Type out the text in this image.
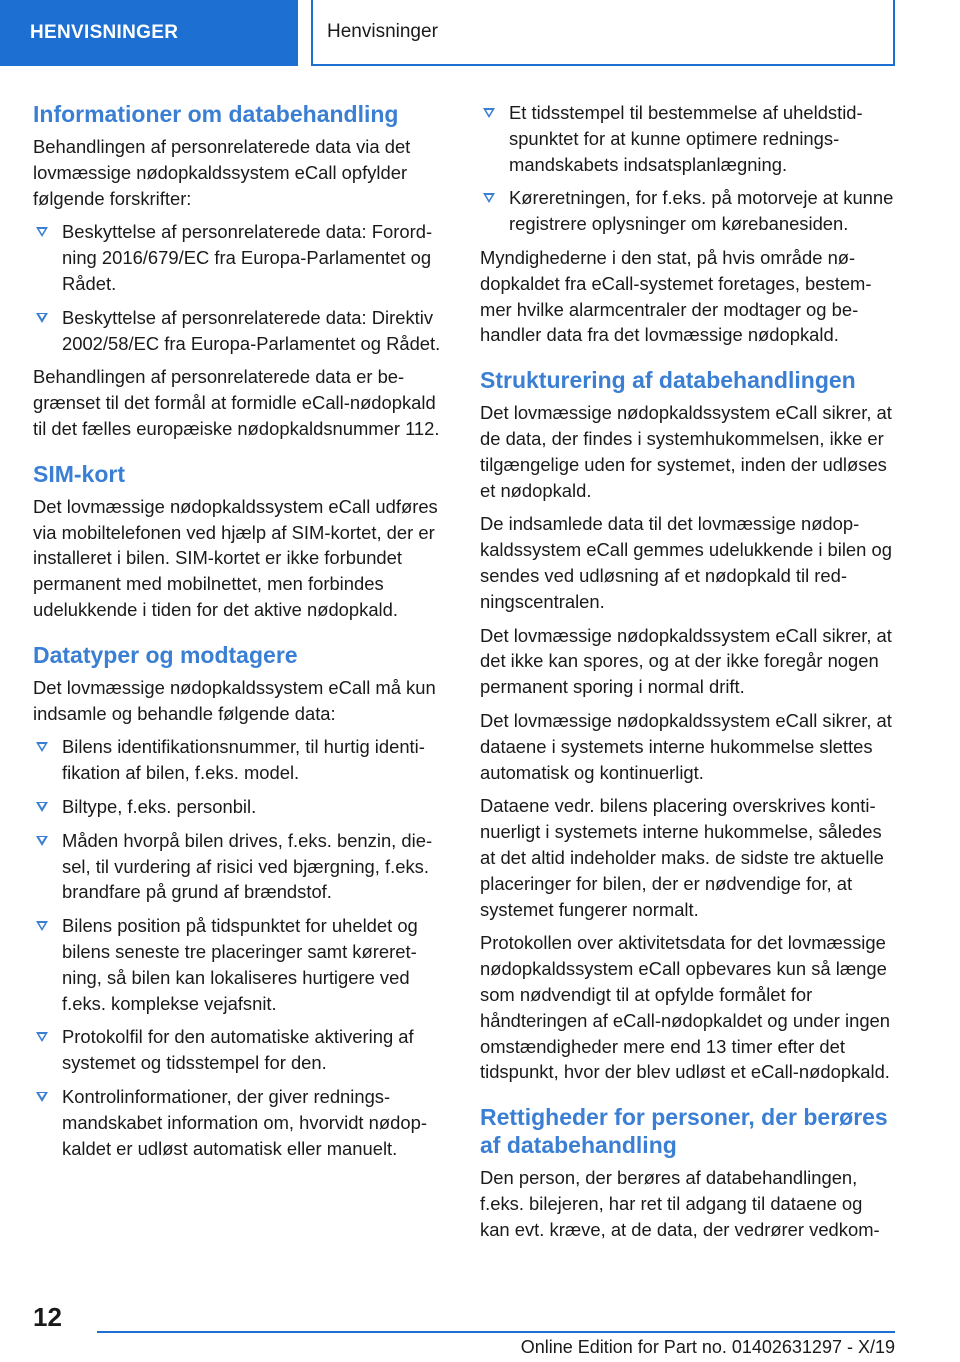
HENVISNINGER	Henvisninger
Informationer om databehandling

Behandlingen af personrelaterede data via det lovmæssige nødopkaldssystem eCall opfylder følgende forskrifter:

Beskyttelse af personrelaterede data: Forordning 2016/679/EC fra Europa-Parlamentet og Rådet.
Beskyttelse af personrelaterede data: Direktiv 2002/58/EC fra Europa-Parlamentet og Rådet.

Behandlingen af personrelaterede data er begrænset til det formål at formidle eCall-nødopkald til det fælles europæiske nødopkaldsnummer 112.

SIM-kort

Det lovmæssige nødopkaldssystem eCall udføres via mobiltelefonen ved hjælp af SIM-kortet, der er installeret i bilen. SIM-kortet er ikke forbundet permanent med mobilnettet, men forbindes udelukkende i tiden for det aktive nødopkald.

Datatyper og modtagere

Det lovmæssige nødopkaldssystem eCall må kun indsamle og behandle følgende data:

Bilens identifikationsnummer, til hurtig identifikation af bilen, f.eks. model.
Biltype, f.eks. personbil.
Måden hvorpå bilen drives, f.eks. benzin, diesel, til vurdering af risici ved bjærgning, f.eks. brandfare på grund af brændstof.
Bilens position på tidspunktet for uheldet og bilens seneste tre placeringer samt køreretning, så bilen kan lokaliseres hurtigere ved f.eks. komplekse vejafsnit.
Protokolfil for den automatiske aktivering af systemet og tidsstempel for den.
Kontrolinformationer, der giver redningsmandskabet information om, hvorvidt nødopkaldet er udløst automatisk eller manuelt.
Et tidsstempel til bestemmelse af uheldstidspunktet for at kunne optimere redningsmandskabets indsatsplanlægning.
Køreretningen, for f.eks. på motorveje at kunne registrere oplysninger om kørebanesiden.

Myndighederne i den stat, på hvis område nødopkaldet fra eCall-systemet foretages, bestemmer hvilke alarmcentraler der modtager og behandler data fra det lovmæssige nødopkald.

Strukturering af databehandlingen

Det lovmæssige nødopkaldssystem eCall sikrer, at de data, der findes i systemhukommelsen, ikke er tilgængelige uden for systemet, inden der udløses et nødopkald.

De indsamlede data til det lovmæssige nødopkaldssystem eCall gemmes udelukkende i bilen og sendes ved udløsning af et nødopkald til redningscentralen.

Det lovmæssige nødopkaldssystem eCall sikrer, at det ikke kan spores, og at der ikke foregår nogen permanent sporing i normal drift.

Det lovmæssige nødopkaldssystem eCall sikrer, at dataene i systemets interne hukommelse slettes automatisk og kontinuerligt.

Dataene vedr. bilens placering overskrives kontinuerligt i systemets interne hukommelse, således at det altid indeholder maks. de sidste tre aktuelle placeringer for bilen, der er nødvendige for, at systemet fungerer normalt.

Protokollen over aktivitetsdata for det lovmæssige nødopkaldssystem eCall opbevares kun så længe som nødvendigt til at opfylde formålet for håndteringen af eCall-nødopkaldet og under ingen omstændigheder mere end 13 timer efter det tidspunkt, hvor der blev udløst et eCall-nødopkald.

Rettigheder for personer, der berøres af databehandling

Den person, der berøres af databehandlingen, f.eks. bilejeren, har ret til adgang til dataene og kan evt. kræve, at de data, der vedrører vedkom-

12
Online Edition for Part no. 01402631297 - X/19
